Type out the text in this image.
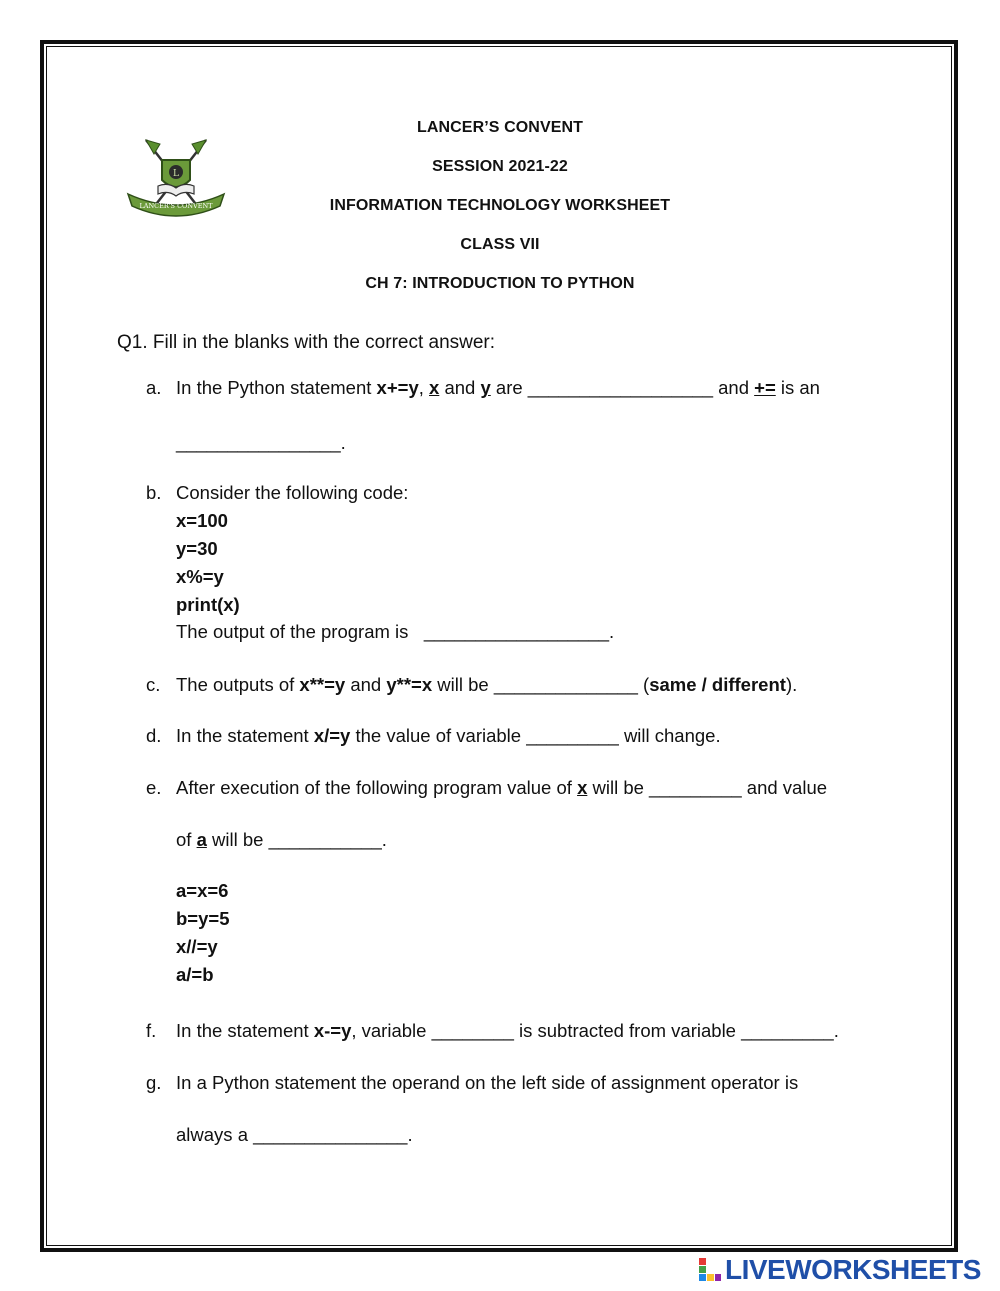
L
LANCER'S CONVENT
LANCER’S CONVENT
SESSION 2021-22
INFORMATION TECHNOLOGY WORKSHEET
CLASS VII
CH 7: INTRODUCTION TO PYTHON
Q1. Fill in the blanks with the correct answer:
a. In the Python statement x+=y, x and y are __________________ and += is an
________________.
b. Consider the following code:
x=100
y=30
x%=y
print(x)
The output of the program is   __________________.
c. The outputs of x**=y and y**=x will be ______________ (same / different).
d. In the statement x/=y the value of variable _________ will change.
e. After execution of the following program value of x will be _________ and value
of a will be ___________.
a=x=6
b=y=5
x//=y
a/=b
f. In the statement x-=y, variable ________ is subtracted from variable _________.
g. In a Python statement the operand on the left side of assignment operator is
always a _______________.
LIVEWORKSHEETS
